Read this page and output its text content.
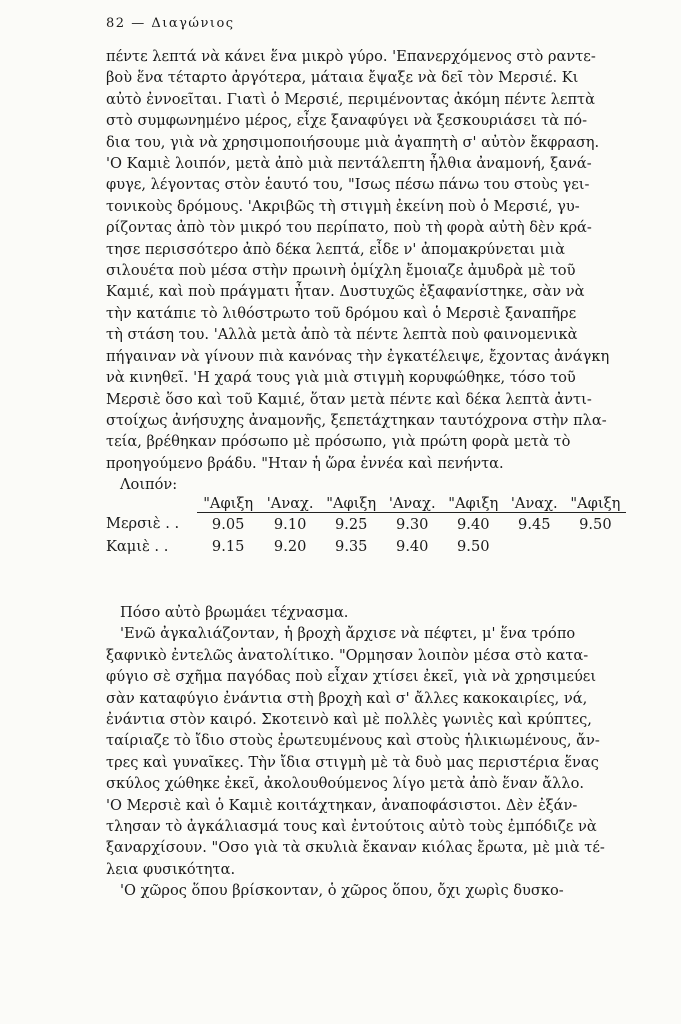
82 — Διαγώνιος
πέντε λεπτά νὰ κάνει ἕνα μικρὸ γύρο. 'Επανερχόμενος στὸ ραντε-
βοὺ ἕνα τέταρτο ἀργότερα, μάταια ἔψαξε νὰ δεῖ τὸν Μερσιέ. Κι
αὐτὸ ἐννοεῖται. Γιατὶ ὁ Μερσιέ, περιμένοντας ἀκόμη πέντε λεπτὰ
στὸ συμφωνημένο μέρος, εἶχε ξαναφύγει νὰ ξεσκουριάσει τὰ πό-
δια του, γιὰ νὰ χρησιμοποιήσουμε μιὰ ἀγαπητὴ σ' αὐτὸν ἔκφραση.
'Ο Καμιὲ λοιπόν, μετὰ ἀπὸ μιὰ πεντάλεπτη ἦλθια ἀναμονή, ξανά-
φυγε, λέγοντας στὸν ἑαυτό του, "Ισως πέσω πάνω του στοὺς γει-
τονικοὺς δρόμους. 'Ακριβῶς τὴ στιγμὴ ἐκείνη ποὺ ὁ Μερσιέ, γυ-
ρίζοντας ἀπὸ τὸν μικρό του περίπατο, ποὺ τὴ φορὰ αὐτὴ δὲν κρά-
τησε περισσότερο ἀπὸ δέκα λεπτά, εἶδε ν' ἀπομακρύνεται μιὰ
σιλουέτα ποὺ μέσα στὴν πρωινὴ ὁμίχλη ἔμοιαζε ἀμυδρὰ μὲ τοῦ
Καμιέ, καὶ ποὺ πράγματι ἦταν. Δυστυχῶς ἐξαφανίστηκε, σὰν νὰ
τὴν κατάπιε τὸ λιθόστρωτο τοῦ δρόμου καὶ ὁ Μερσιὲ ξαναπῆρε
τὴ στάση του. 'Αλλὰ μετὰ ἀπὸ τὰ πέντε λεπτὰ ποὺ φαινομενικὰ
πήγαιναν νὰ γίνουν πιὰ κανόνας τὴν ἐγκατέλειψε, ἔχοντας ἀνάγκη
νὰ κινηθεῖ. 'Η χαρά τους γιὰ μιὰ στιγμὴ κορυφώθηκε, τόσο τοῦ
Μερσιὲ ὅσο καὶ τοῦ Καμιέ, ὅταν μετὰ πέντε καὶ δέκα λεπτὰ ἀντι-
στοίχως ἀνήσυχης ἀναμονῆς, ξεπετάχτηκαν ταυτόχρονα στὴν πλα-
τεία, βρέθηκαν πρόσωπο μὲ πρόσωπο, γιὰ πρώτη φορὰ μετὰ τὸ
προηγούμενο βράδυ. "Ηταν ἡ ὥρα ἐννέα καὶ πενήντα.
Λοιπόν:
	"Αφιξη	'Αναχ.	"Αφιξη	'Αναχ.	"Αφιξη	'Αναχ.	"Αφιξη
Μερσιὲ . .	9.05	9.10	9.25	9.30	9.40	9.45	9.50
Καμιὲ . .	9.15	9.20	9.35	9.40	9.50		
Πόσο αὐτὸ βρωμάει τέχνασμα.
'Ενῶ ἀγκαλιάζονταν, ἡ βροχὴ ἄρχισε νὰ πέφτει, μ' ἕνα τρόπο
ξαφνικὸ ἐντελῶς ἀνατολίτικο. "Ορμησαν λοιπὸν μέσα στὸ κατα-
φύγιο σὲ σχῆμα παγόδας ποὺ εἶχαν χτίσει ἐκεῖ, γιὰ νὰ χρησιμεύει
σὰν καταφύγιο ἐνάντια στὴ βροχὴ καὶ σ' ἄλλες κακοκαιρίες, νά,
ἐνάντια στὸν καιρό. Σκοτεινὸ καὶ μὲ πολλὲς γωνιὲς καὶ κρύπτες,
ταίριαζε τὸ ἴδιο στοὺς ἐρωτευμένους καὶ στοὺς ἡλικιωμένους, ἄν-
τρες καὶ γυναῖκες. Τὴν ἴδια στιγμὴ μὲ τὰ δυὸ μας περιστέρια ἕνας
σκύλος χώθηκε ἐκεῖ, ἀκολουθούμενος λίγο μετὰ ἀπὸ ἕναν ἄλλο.
'Ο Μερσιὲ καὶ ὁ Καμιὲ κοιτάχτηκαν, ἀναποφάσιστοι. Δὲν ἐξάν-
τλησαν τὸ ἀγκάλιασμά τους καὶ ἐντούτοις αὐτὸ τοὺς ἐμπόδιζε νὰ
ξαναρχίσουν. "Οσο γιὰ τὰ σκυλιὰ ἔκαναν κιόλας ἔρωτα, μὲ μιὰ τέ-
λεια φυσικότητα.
'Ο χῶρος ὅπου βρίσκονταν, ὁ χῶρος ὅπου, ὄχι χωρὶς δυσκο-
